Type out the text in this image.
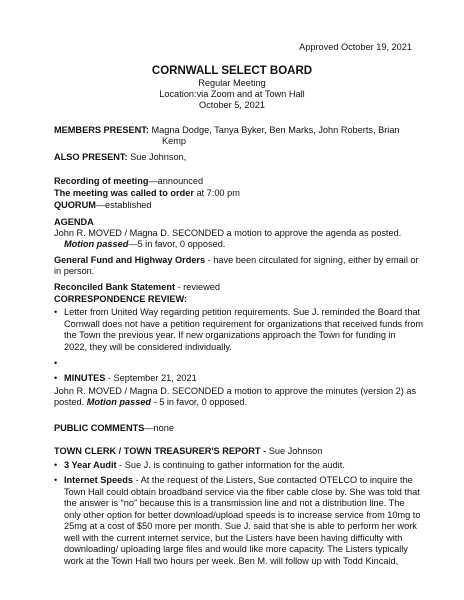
Approved October 19, 2021
CORNWALL SELECT BOARD
Regular Meeting
Location:via Zoom and at Town Hall
October 5, 2021
MEMBERS PRESENT: Magna Dodge, Tanya Byker, Ben Marks, John Roberts, Brian
Kemp
ALSO PRESENT: Sue Johnson,
Recording of meeting—announced
The meeting was called to order at 7:00 pm
QUORUM—established
AGENDA
John R. MOVED / Magna D. SECONDED a motion to approve the agenda as posted.
Motion passed—5 in favor, 0 opposed.
General Fund and Highway Orders - have been circulated for signing, either by email or
in person.
Reconciled Bank Statement - reviewed
CORRESPONDENCE REVIEW:
• Letter from United Way regarding petition requirements. Sue J. reminded the Board that
Cornwall does not have a petition requirement for organizations that received funds from
the Town the previous year. If new organizations approach the Town for funding in
2022, they will be considered individually.
•
• MINUTES - September 21, 2021
John R. MOVED / Magna D. SECONDED a motion to approve the minutes (version 2) as
posted. Motion passed - 5 in favor, 0 opposed.
PUBLIC COMMENTS—none
TOWN CLERK / TOWN TREASURER'S REPORT - Sue Johnson
• 3 Year Audit - Sue J. is continuing to gather information for the audit.
• Internet Speeds - At the request of the Listers, Sue contacted OTELCO to inquire the
Town Hall could obtain broadband service via the fiber cable close by. She was told that
the answer is “no” because this is a transmission line and not a distribution line. The
only other option for better download/upload speeds is to increase service from 10mg to
25mg at a cost of $50 more per month. Sue J. said that she is able to perform her work
well with the current internet service, but the Listers have been having difficulty with
downloading/ uploading large files and would like more capacity. The Listers typically
work at the Town Hall two hours per week. Ben M. will follow up with Todd Kincaid,
